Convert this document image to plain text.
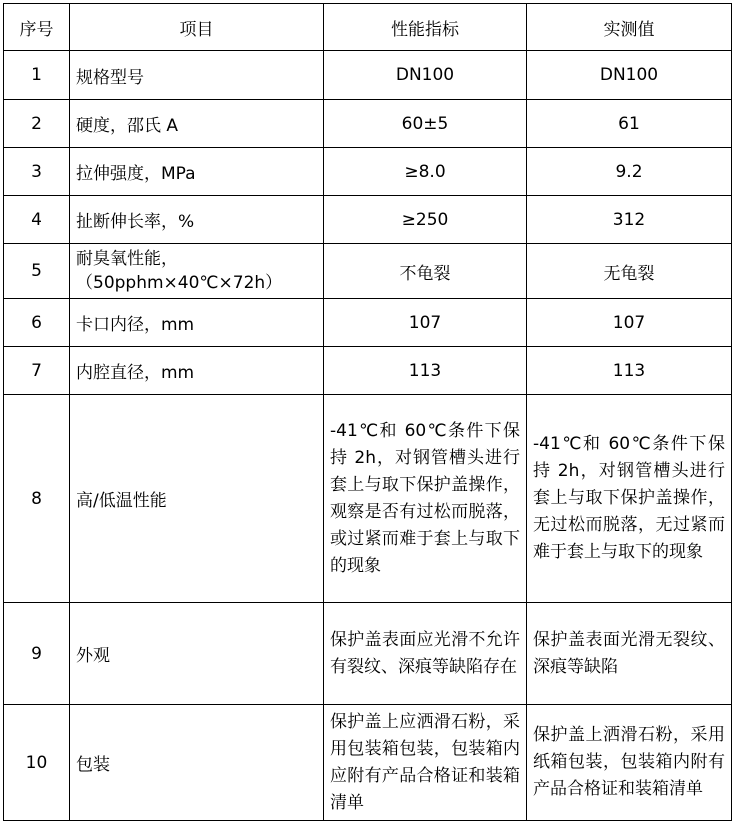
序号	项目	性能指标	实测值
1	规格型号	DN100	DN100
2	硬度，邵氏 A	60±5	61
3	拉伸强度，MPa	≥8.0	9.2
4	扯断伸长率，%	≥250	312
5	耐臭氧性能，（50pphm×40℃×72h）	不龟裂	无龟裂
6	卡口内径，mm	107	107
7	内腔直径，mm	113	113
8	高/低温性能	-41℃和 60℃条件下保持 2h，对钢管槽头进行套上与取下保护盖操作，观察是否有过松而脱落，或过紧而难于套上与取下的现象	-41℃和 60℃条件下保持 2h，对钢管槽头进行套上与取下保护盖操作，无过松而脱落，无过紧而难于套上与取下的现象
9	外观	保护盖表面应光滑不允许有裂纹、深痕等缺陷存在	保护盖表面光滑无裂纹、深痕等缺陷
10	包装	保护盖上应洒滑石粉，采用包装箱包装，包装箱内应附有产品合格证和装箱清单	保护盖上洒滑石粉，采用纸箱包装，包装箱内附有产品合格证和装箱清单
